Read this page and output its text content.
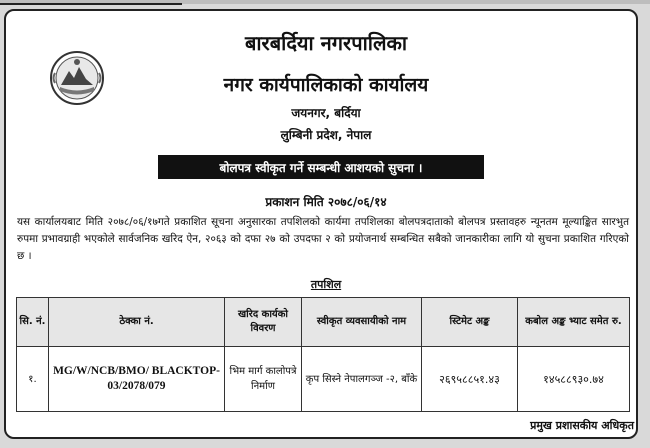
बारबर्दिया नगरपालिका
नगर कार्यपालिकाको कार्यालय
जयनगर, बर्दिया
लुम्बिनी प्रदेश, नेपाल
बोलपत्र स्वीकृत गर्ने सम्बन्धी आशयको सुचना ।
प्रकाशन मिति २०७८/०६/१४

यस कार्यालयबाट मिति २०७८/०६/१७गते प्रकाशित सूचना अनुसारका तपशिलको कार्यमा तपशिलका बोलपत्रदाताको बोलपत्र प्रस्तावहरु न्यूनतम मूल्याङ्कित सारभुत रुपमा प्रभावग्राही भएकोले सार्वजनिक खरिद ऐन, २०६३ को दफा २७ को उपदफा २ को प्रयोजनार्थ सम्बन्धित सबैको जानकारीका लागि यो सुचना प्रकाशित गरिएको छ ।

तपशिल
सि. नं.	ठेक्का नं.	खरिद कार्यको विवरण	स्वीकृत व्यवसायीको नाम	स्टिमेट अङ्क	कबोल अङ्क भ्याट समेत रु.
१.	MG/W/NCB/BMO/ BLACKTOP-03/2078/079	भिम मार्ग कालोपत्रे निर्माण	कृप सिस्ने नेपालगञ्ज -२, बाँके	२६९५८८५१.४३	१४५८८९३०.७४
प्रमुख प्रशासकीय अधिकृत
